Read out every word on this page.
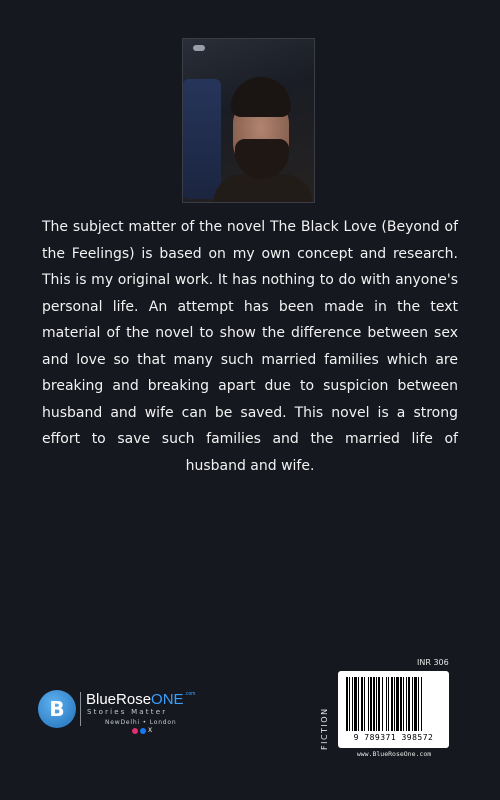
The subject matter of the novel The Black Love (Beyond of the Feelings) is based on my own concept and research. This is my original work. It has nothing to do with anyone's personal life. An attempt has been made in the text material of the novel to show the difference between sex and love so that many such married families which are breaking and breaking apart due to suspicion between husband and wife can be saved. This novel is a strong effort to save such families and the married life of husband and wife.

B BlueRoseONE$^{.com}$
Stories Matter
NewDelhi • London
X
INR 306
FICTION	9 789371 398572
www.BlueRoseOne.com
